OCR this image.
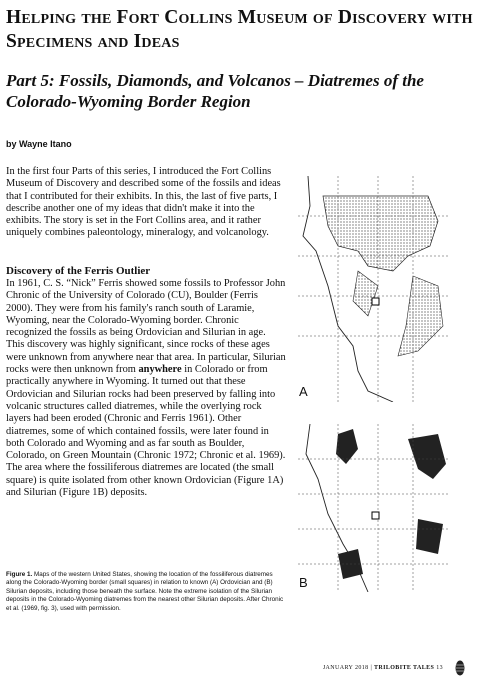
Helping the Fort Collins Museum of Discovery with Specimens and Ideas
Part 5: Fossils, Diamonds, and Volcanos – Diatremes of the Colorado-Wyoming Border Region
by Wayne Itano
In the first four Parts of this series, I introduced the Fort Collins Museum of Discovery and described some of the fossils and ideas that I contributed for their exhibits. In this, the last of five parts, I describe another one of my ideas that didn't make it into the exhibits. The story is set in the Fort Collins area, and it rather uniquely combines paleontology, mineralogy, and volcanology.
Discovery of the Ferris Outlier
In 1961, C. S. “Nick” Ferris showed some fossils to Professor John Chronic of the University of Colorado (CU), Boulder (Ferris 2000). They were from his family's ranch south of Laramie, Wyoming, near the Colorado-Wyoming border. Chronic recognized the fossils as being Ordovician and Silurian in age. This discovery was highly significant, since rocks of these ages were unknown from anywhere near that area. In particular, Silurian rocks were then unknown from anywhere in Colorado or from practically anywhere in Wyoming. It turned out that these Ordovician and Silurian rocks had been preserved by falling into volcanic structures called diatremes, while the overlying rock layers had been eroded (Chronic and Ferris 1961). Other diatremes, some of which contained fossils, were later found in both Colorado and Wyoming and as far south as Boulder, Colorado, on Green Mountain (Chronic 1972; Chronic et al. 1969). The area where the fossiliferous diatremes are located (the small square) is quite isolated from other known Ordovician (Figure 1A) and Silurian (Figure 1B) deposits.
Figure 1. Maps of the western United States, showing the location of the fossiliferous diatremes along the Colorado-Wyoming border (small squares) in relation to known (A) Ordovician and (B) Silurian deposits, including those beneath the surface. Note the extreme isolation of the Silurian deposits in the Colorado-Wyoming diatremes from the nearest other Silurian deposits. After Chronic et al. (1969, fig. 3), used with permission.
A
B
JANUARY 2018 | TRILOBITE TALES 13
